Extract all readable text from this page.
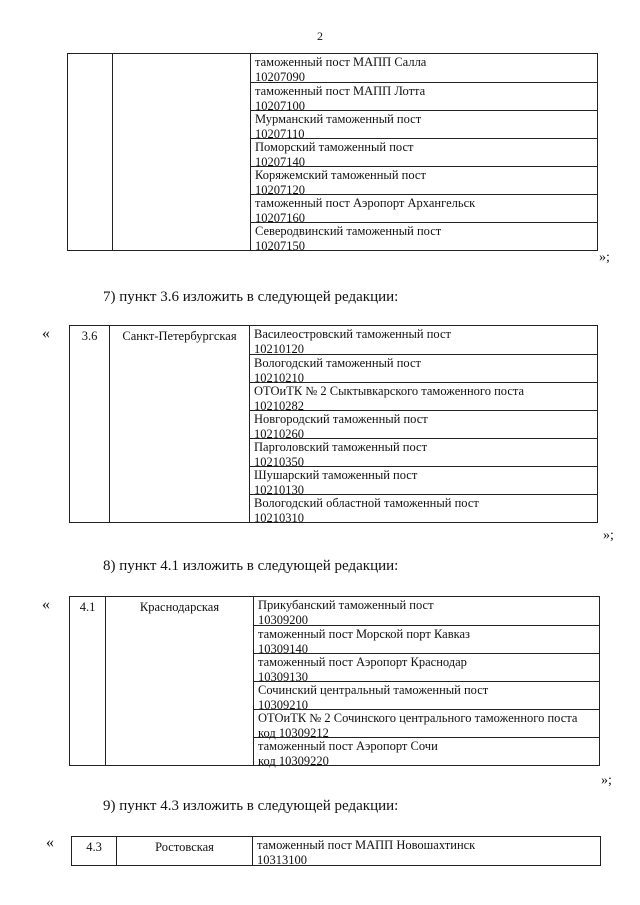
2

таможенный пост МАПП Салла
10207090
таможенный пост МАПП Лотта
10207100
Мурманский таможенный пост
10207110
Поморский таможенный пост
10207140
Коряжемский таможенный пост
10207120
таможенный пост Аэропорт Архангельск
10207160
Северодвинский таможенный пост
10207150
»;
7) пункт 3.6 изложить в следующей редакции:
«	3.6	Санкт-Петербургская	Василеостровский таможенный пост
10210120
Вологодский таможенный пост
10210210
ОТОиТК № 2 Сыктывкарского таможенного поста
10210282
Новгородский таможенный пост
10210260
Парголовский таможенный пост
10210350
Шушарский таможенный пост
10210130
Вологодский областной таможенный пост
10210310
»;
8) пункт 4.1 изложить в следующей редакции:
« 4.1	Краснодарская	Прикубанский таможенный пост
10309200
таможенный пост Морской порт Кавказ
10309140
таможенный пост Аэропорт Краснодар
10309130
Сочинский центральный таможенный пост
10309210
ОТОиТК № 2 Сочинского центрального таможенного поста
код 10309212
таможенный пост Аэропорт Сочи
код 10309220
»;
9) пункт 4.3 изложить в следующей редакции:
«	4.3	Ростовская	таможенный пост МАПП Новошахтинск
10313100
